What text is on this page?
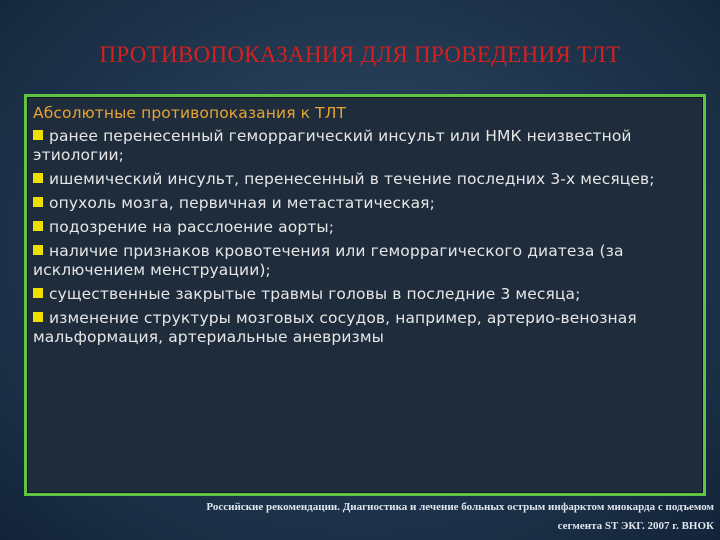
ПРОТИВОПОКАЗАНИЯ ДЛЯ ПРОВЕДЕНИЯ ТЛТ
Абсолютные противопоказания к ТЛТ
ранее перенесенный геморрагический инсульт или НМК неизвестной этиологии;
ишемический инсульт, перенесенный в течение последних 3-х месяцев;
опухоль мозга, первичная и метастатическая;
подозрение на расслоение аорты;
наличие признаков кровотечения или геморрагического диатеза (за исключением менструации);
существенные закрытые травмы головы в последние 3 месяца;
изменение структуры мозговых сосудов, например, артерио-венозная мальформация, артериальные аневризмы
Российские рекомендации. Диагностика и лечение больных острым инфарктом миокарда с подъемом
сегмента ST ЭКГ. 2007 г. ВНОК
